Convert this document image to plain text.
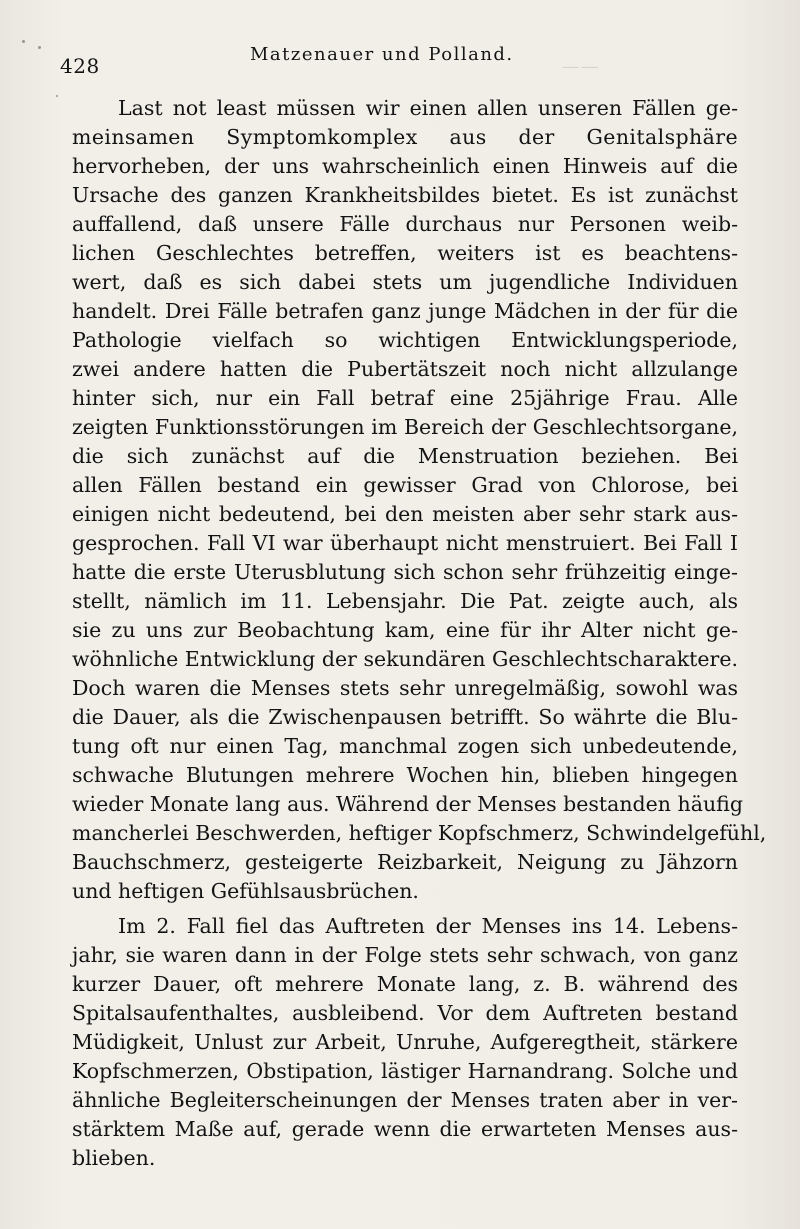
——
428	Matzenauer und Polland.
Last not least müssen wir einen allen unseren Fällen ge-
meinsamen Symptomkomplex aus der Genitalsphäre
hervorheben, der uns wahrscheinlich einen Hinweis auf die
Ursache des ganzen Krankheitsbildes bietet. Es ist zunächst
auffallend, daß unsere Fälle durchaus nur Personen weib-
lichen Geschlechtes betreffen, weiters ist es beachtens-
wert, daß es sich dabei stets um jugendliche Individuen
handelt. Drei Fälle betrafen ganz junge Mädchen in der für die
Pathologie vielfach so wichtigen Entwicklungsperiode,
zwei andere hatten die Pubertätszeit noch nicht allzulange
hinter sich, nur ein Fall betraf eine 25jährige Frau. Alle
zeigten Funktionsstörungen im Bereich der Geschlechtsorgane,
die sich zunächst auf die Menstruation beziehen. Bei
allen Fällen bestand ein gewisser Grad von Chlorose, bei
einigen nicht bedeutend, bei den meisten aber sehr stark aus-
gesprochen. Fall VI war überhaupt nicht menstruiert. Bei Fall I
hatte die erste Uterusblutung sich schon sehr frühzeitig einge-
stellt, nämlich im 11. Lebensjahr. Die Pat. zeigte auch, als
sie zu uns zur Beobachtung kam, eine für ihr Alter nicht ge-
wöhnliche Entwicklung der sekundären Geschlechtscharaktere.
Doch waren die Menses stets sehr unregelmäßig, sowohl was
die Dauer, als die Zwischenpausen betrifft. So währte die Blu-
tung oft nur einen Tag, manchmal zogen sich unbedeutende,
schwache Blutungen mehrere Wochen hin, blieben hingegen
wieder Monate lang aus. Während der Menses bestanden häufig
mancherlei Beschwerden, heftiger Kopfschmerz, Schwindelgefühl,
Bauchschmerz, gesteigerte Reizbarkeit, Neigung zu Jähzorn
und heftigen Gefühlsausbrüchen.
Im 2. Fall fiel das Auftreten der Menses ins 14. Lebens-
jahr, sie waren dann in der Folge stets sehr schwach, von ganz
kurzer Dauer, oft mehrere Monate lang, z. B. während des
Spitalsaufenthaltes, ausbleibend. Vor dem Auftreten bestand
Müdigkeit, Unlust zur Arbeit, Unruhe, Aufgeregtheit, stärkere
Kopfschmerzen, Obstipation, lästiger Harnandrang. Solche und
ähnliche Begleiterscheinungen der Menses traten aber in ver-
stärktem Maße auf, gerade wenn die erwarteten Menses aus-
blieben.
